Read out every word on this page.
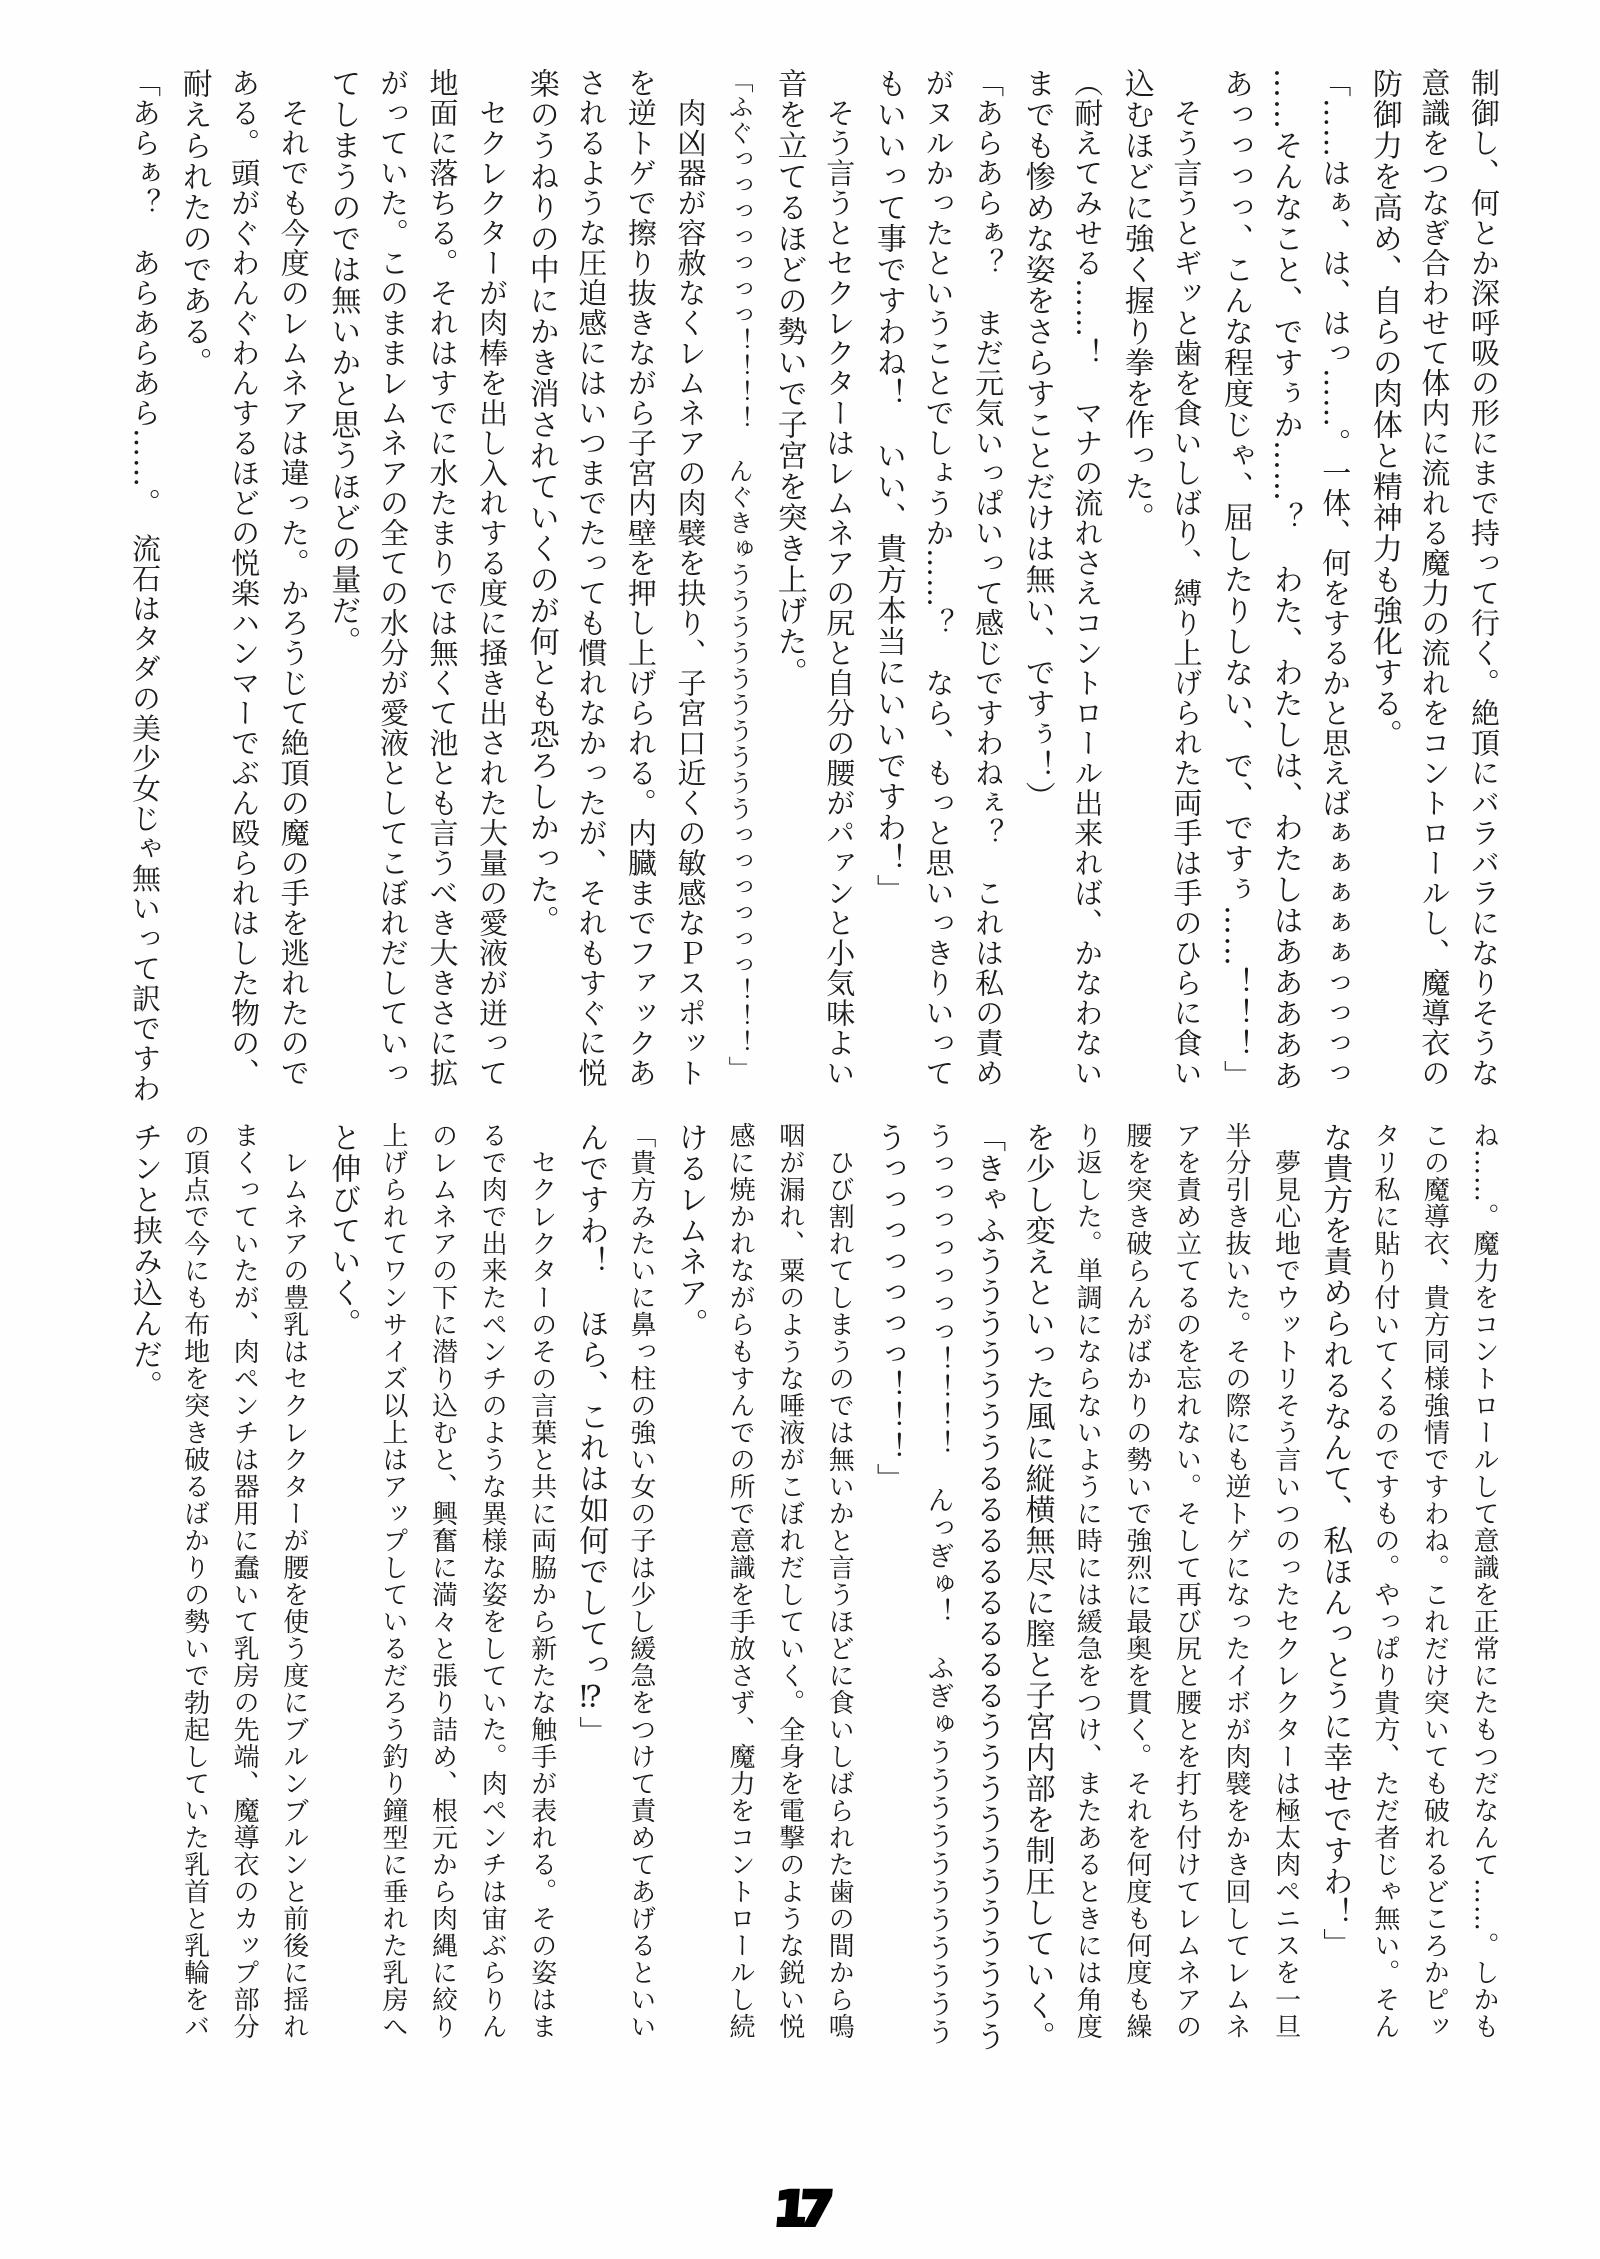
制御し、何とか深呼吸の形にまで持って行く。絶頂にバラバラになりそうな
意識をつなぎ合わせて体内に流れる魔力の流れをコントロールし、魔導衣の
防御力を高め、自らの肉体と精神力も強化する。
「……はぁ、は、はっ……。一体、何をするかと思えばぁぁぁぁぁっっっっ
……そんなこと、ですぅか……？　わた、わたしは、わたしはあああああ
あっっっっ、こんな程度じゃ、屈したりしない、で、ですぅ……！！！」
　そう言うとギッと歯を食いしばり、縛り上げられた両手は手のひらに食い
込むほどに強く握り拳を作った。
（耐えてみせる……！　マナの流れさえコントロール出来れば、かなわない
までも惨めな姿をさらすことだけは無い、ですぅ！）
「あらあらぁ？　まだ元気いっぱいって感じですわねぇ？　これは私の責め
がヌルかったということでしょうか……？　なら、もっと思いっきりいって
もいいって事ですわね！　いい、貴方本当にいいですわ！」
　そう言うとセクレクターはレムネアの尻と自分の腰がパァンと小気味よい
音を立てるほどの勢いで子宮を突き上げた。
「ふぐっっっっっっっ！！！！　んぐきゅううううううううううっっっっっっ！！！」
　肉凶器が容赦なくレムネアの肉襞を抉り、子宮口近くの敏感なＰスポット
を逆トゲで擦り抜きながら子宮内壁を押し上げられる。内臓までファックあ
されるような圧迫感にはいつまでたっても慣れなかったが、それもすぐに悦
楽のうねりの中にかき消されていくのが何とも恐ろしかった。
　セクレクターが肉棒を出し入れする度に掻き出された大量の愛液が迸って
地面に落ちる。それはすでに水たまりでは無くて池とも言うべき大きさに拡
がっていた。このままレムネアの全ての水分が愛液としてこぼれだしていっ
てしまうのでは無いかと思うほどの量だ。
　それでも今度のレムネアは違った。かろうじて絶頂の魔の手を逃れたので
ある。頭がぐわんぐわんするほどの悦楽ハンマーでぶん殴られはした物の、
耐えられたのである。
「あらぁ？　あらあらあら……。　流石はタダの美少女じゃ無いって訳ですわ
ね……。魔力をコントロールして意識を正常にたもつだなんて……。しかも
この魔導衣、貴方同様強情ですわね。これだけ突いても破れるどころかピッ
タリ私に貼り付いてくるのですもの。やっぱり貴方、ただ者じゃ無い。そん
な貴方を責められるなんて、私ほんっとうに幸せですわ！」
　夢見心地でウットリそう言いつのったセクレクターは極太肉ペニスを一旦
半分引き抜いた。その際にも逆トゲになったイボが肉襞をかき回してレムネ
アを責め立てるのを忘れない。そして再び尻と腰とを打ち付けてレムネアの
腰を突き破らんがばかりの勢いで強烈に最奥を貫く。それを何度も何度も繰
り返した。単調にならないように時には緩急をつけ、またあるときには角度
を少し変えといった風に縦横無尽に膣と子宮内部を制圧していく。
「きゃふうううううううるるるるるるるるううううううううううう
うっっっっっっっ！！！！　んっぎゅ！　ふぎゅううううううううううう
うっっっっっっっ！！！」
　ひび割れてしまうのでは無いかと言うほどに食いしばられた歯の間から鳴
咽が漏れ、粟のような唾液がこぼれだしていく。全身を電撃のような鋭い悦
感に焼かれながらもすんでの所で意識を手放さず、魔力をコントロールし続
けるレムネア。
「貴方みたいに鼻っ柱の強い女の子は少し緩急をつけて責めてあげるといい
んですわ！　ほら、これは如何でしてっ⁉」
　セクレクターのその言葉と共に両脇から新たな触手が表れる。その姿はま
るで肉で出来たペンチのような異様な姿をしていた。肉ペンチは宙ぶらりん
のレムネアの下に潜り込むと、興奮に満々と張り詰め、根元から肉縄に絞り
上げられてワンサイズ以上はアップしているだろう釣り鐘型に垂れた乳房へ
と伸びていく。
　レムネアの豊乳はセクレクターが腰を使う度にブルンブルンと前後に揺れ
まくっていたが、肉ペンチは器用に蠢いて乳房の先端、魔導衣のカップ部分
の頂点で今にも布地を突き破るばかりの勢いで勃起していた乳首と乳輪をバ
チンと挟み込んだ。
17
